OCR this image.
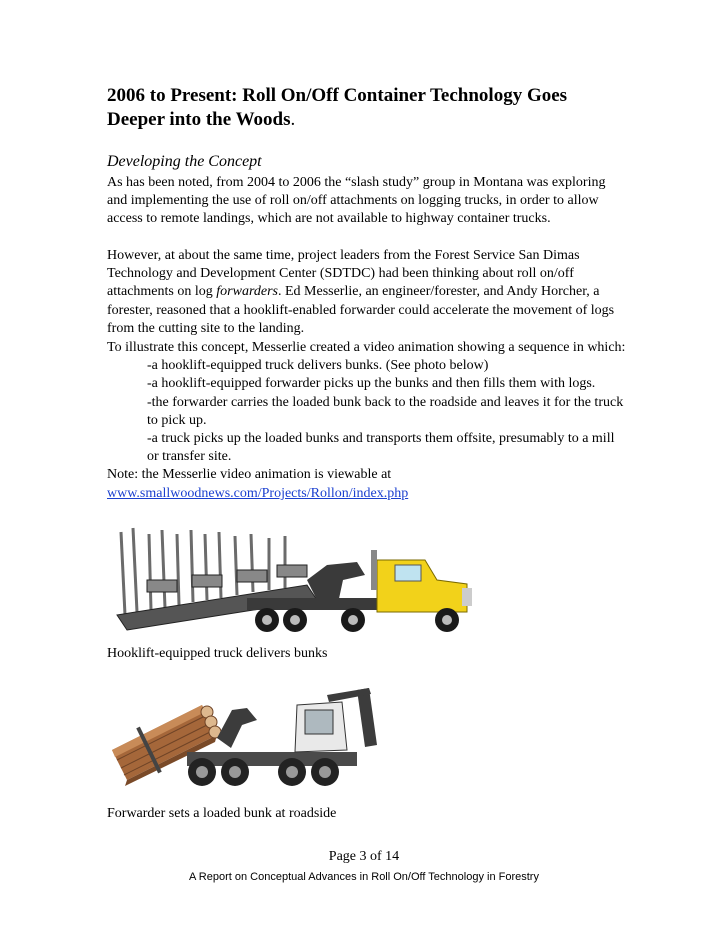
2006 to Present: Roll On/Off Container Technology Goes Deeper into the Woods.
Developing the Concept

As has been noted, from 2004 to 2006 the “slash study” group in Montana was exploring and implementing the use of roll on/off attachments on logging trucks, in order to allow access to remote landings, which are not available to highway container trucks.

However, at about the same time, project leaders from the Forest Service San Dimas Technology and Development Center (SDTDC) had been thinking about roll on/off attachments on log forwarders. Ed Messerlie, an engineer/forester, and Andy Horcher, a forester, reasoned that a hooklift-enabled forwarder could accelerate the movement of logs from the cutting site to the landing.

To illustrate this concept, Messerlie created a video animation showing a sequence in which:

-a hooklift-equipped truck delivers bunks. (See photo below)

-a hooklift-equipped forwarder picks up the bunks and then fills them with logs.

-the forwarder carries the loaded bunk back to the roadside and leaves it for the truck to pick up.

-a truck picks up the loaded bunks and transports them offsite, presumably to a mill or transfer site.

Note: the Messerlie video animation is viewable at

www.smallwoodnews.com/Projects/Rollon/index.php

Hooklift-equipped truck delivers bunks
Forwarder sets a loaded bunk at roadside
Page 3 of 14
A Report on Conceptual Advances in Roll On/Off Technology in Forestry
